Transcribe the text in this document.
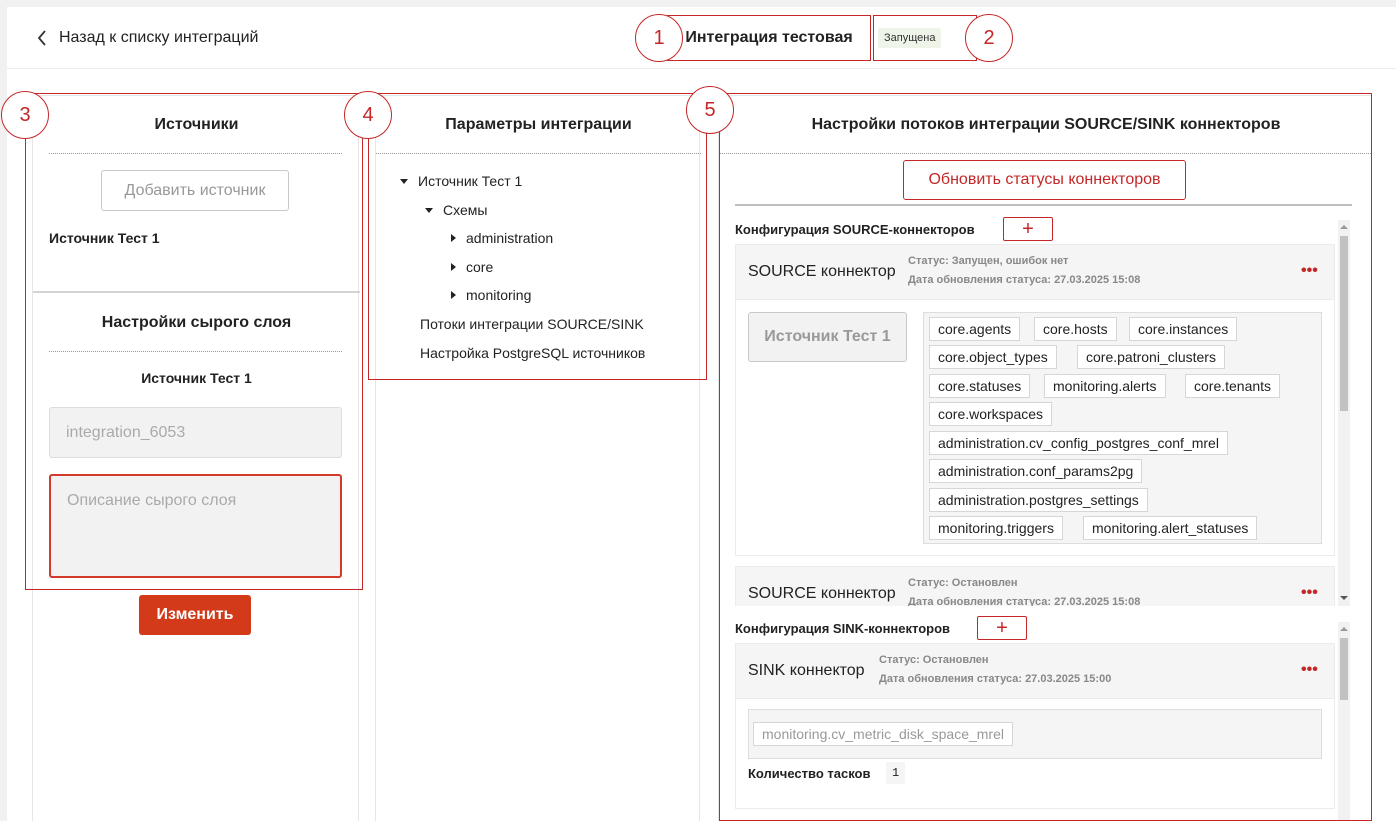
Назад к списку интеграций	Интеграция тестовая	Запущена
Источники
Добавить источник
Источник Тест 1
Настройки сырого слоя
Источник Тест 1
integration_6053
Описание сырого слоя
Изменить
Параметры интеграции
Источник Тест 1
Схемы
administration
core
monitoring
Потоки интеграции SOURCE/SINK
Настройка PostgreSQL источников
Настройки потоков интеграции SOURCE/SINK коннекторов
Обновить статусы коннекторов
Конфигурация SOURCE-коннекторов +
SOURCE коннектор
Статус: Запущен, ошибок нет
Дата обновления статуса: 27.03.2025 15:08
•••
Источник Тест 1	core.agents	core.hosts	core.instances
core.object_types	core.patroni_clusters
core.statuses	monitoring.alerts	core.tenants
core.workspaces
administration.cv_config_postgres_conf_mrel
administration.conf_params2pg
administration.postgres_settings
monitoring.triggers	monitoring.alert_statuses
SOURCE коннектор
Статус: Остановлен
Дата обновления статуса: 27.03.2025 15:08
•••
Конфигурация SINK-коннекторов +
SINK коннектор
Статус: Остановлен
Дата обновления статуса: 27.03.2025 15:00
•••
monitoring.cv_metric_disk_space_mrel
Количество тасков	1
1	2
3	4	5
